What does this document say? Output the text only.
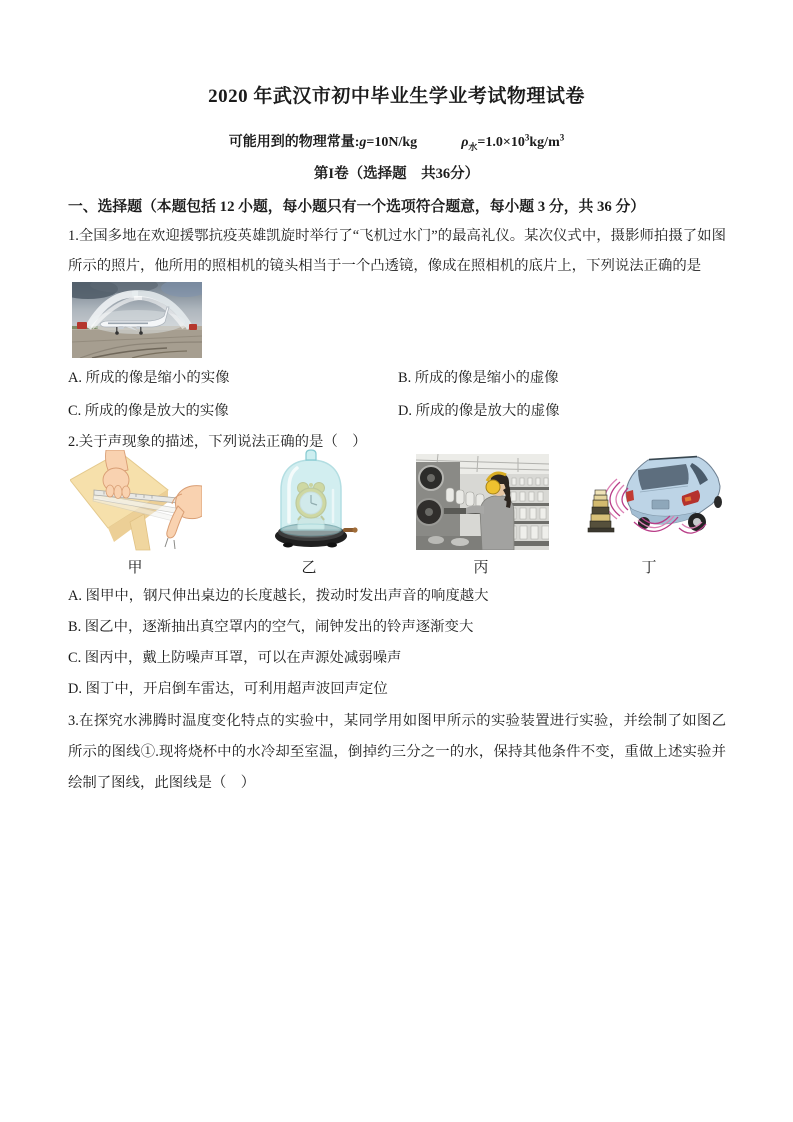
2020 年武汉市初中毕业生学业考试物理试卷
可能用到的物理常量:g=10N/kg	$\rho_水=1.0\times 10^3kg/m^3$
第I卷（选择题　共36分）
一、选择题（本题包括 12 小题，每小题只有一个选项符合题意，每小题 3 分，共 36 分）

1.全国多地在欢迎援鄂抗疫英雄凯旋时举行了“飞机过水门”的最高礼仪。某次仪式中，摄影师拍摄了如图所示的照片，他所用的照相机的镜头相当于一个凸透镜，像成在照相机的底片上，下列说法正确的是

A. 所成的像是缩小的实像	B. 所成的像是缩小的虚像
C. 所成的像是放大的实像	D. 所成的像是放大的虚像

2.关于声现象的描述，下列说法正确的是（　）

甲	乙	丙	丁
A. 图甲中，钢尺伸出桌边的长度越长，拨动时发出声音的响度越大
B. 图乙中，逐渐抽出真空罩内的空气，闹钟发出的铃声逐渐变大
C. 图丙中，戴上防噪声耳罩，可以在声源处减弱噪声
D. 图丁中，开启倒车雷达，可利用超声波回声定位

3.在探究水沸腾时温度变化特点的实验中，某同学用如图甲所示的实验装置进行实验，并绘制了如图乙所示的图线①.现将烧杯中的水冷却至室温，倒掉约三分之一的水，保持其他条件不变，重做上述实验并绘制了图线，此图线是（　）
